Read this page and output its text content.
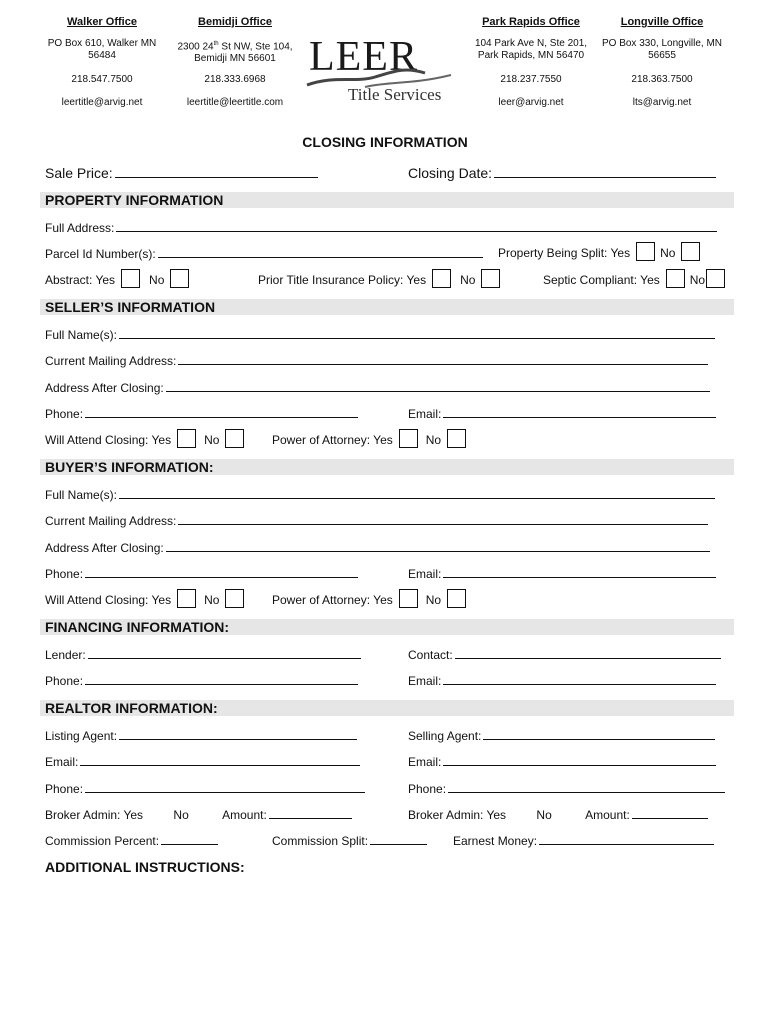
Walker Office
PO Box 610, Walker MN 56484
218.547.7500
leertitle@arvig.net
Bemidji Office
2300 24th St NW, Ste 104,
Bemidji MN 56601
218.333.6968
leertitle@leertitle.com
LEER
Title Services
Park Rapids Office
104 Park Ave N, Ste 201, Park Rapids, MN 56470
218.237.7550
leer@arvig.net
Longville Office
PO Box 330, Longville, MN 56655
218.363.7500
lts@arvig.net
CLOSING INFORMATION
Sale Price:	Closing Date:
PROPERTY INFORMATION
Full Address:
Parcel Id Number(s):	Property Being Split: Yes	No
Abstract: Yes	No	Prior Title Insurance Policy: Yes	No	Septic Compliant: Yes	No
SELLER’S INFORMATION
Full Name(s):
Current Mailing Address:
Address After Closing:
Phone:	Email:
Will Attend Closing: Yes	No	Power of Attorney: Yes	No
BUYER’S INFORMATION:
Full Name(s):
Current Mailing Address:
Address After Closing:
Phone:	Email:
Will Attend Closing: Yes	No	Power of Attorney: Yes	No
FINANCING INFORMATION:
Lender:	Contact:
Phone:	Email:
REALTOR INFORMATION:
Listing Agent:	Selling Agent:
Email:	Email:
Phone:	Phone:
Broker Admin: Yes	No	Amount:	Broker Admin: Yes	No	Amount:
Commission Percent:	Commission Split:	Earnest Money:
ADDITIONAL INSTRUCTIONS:
